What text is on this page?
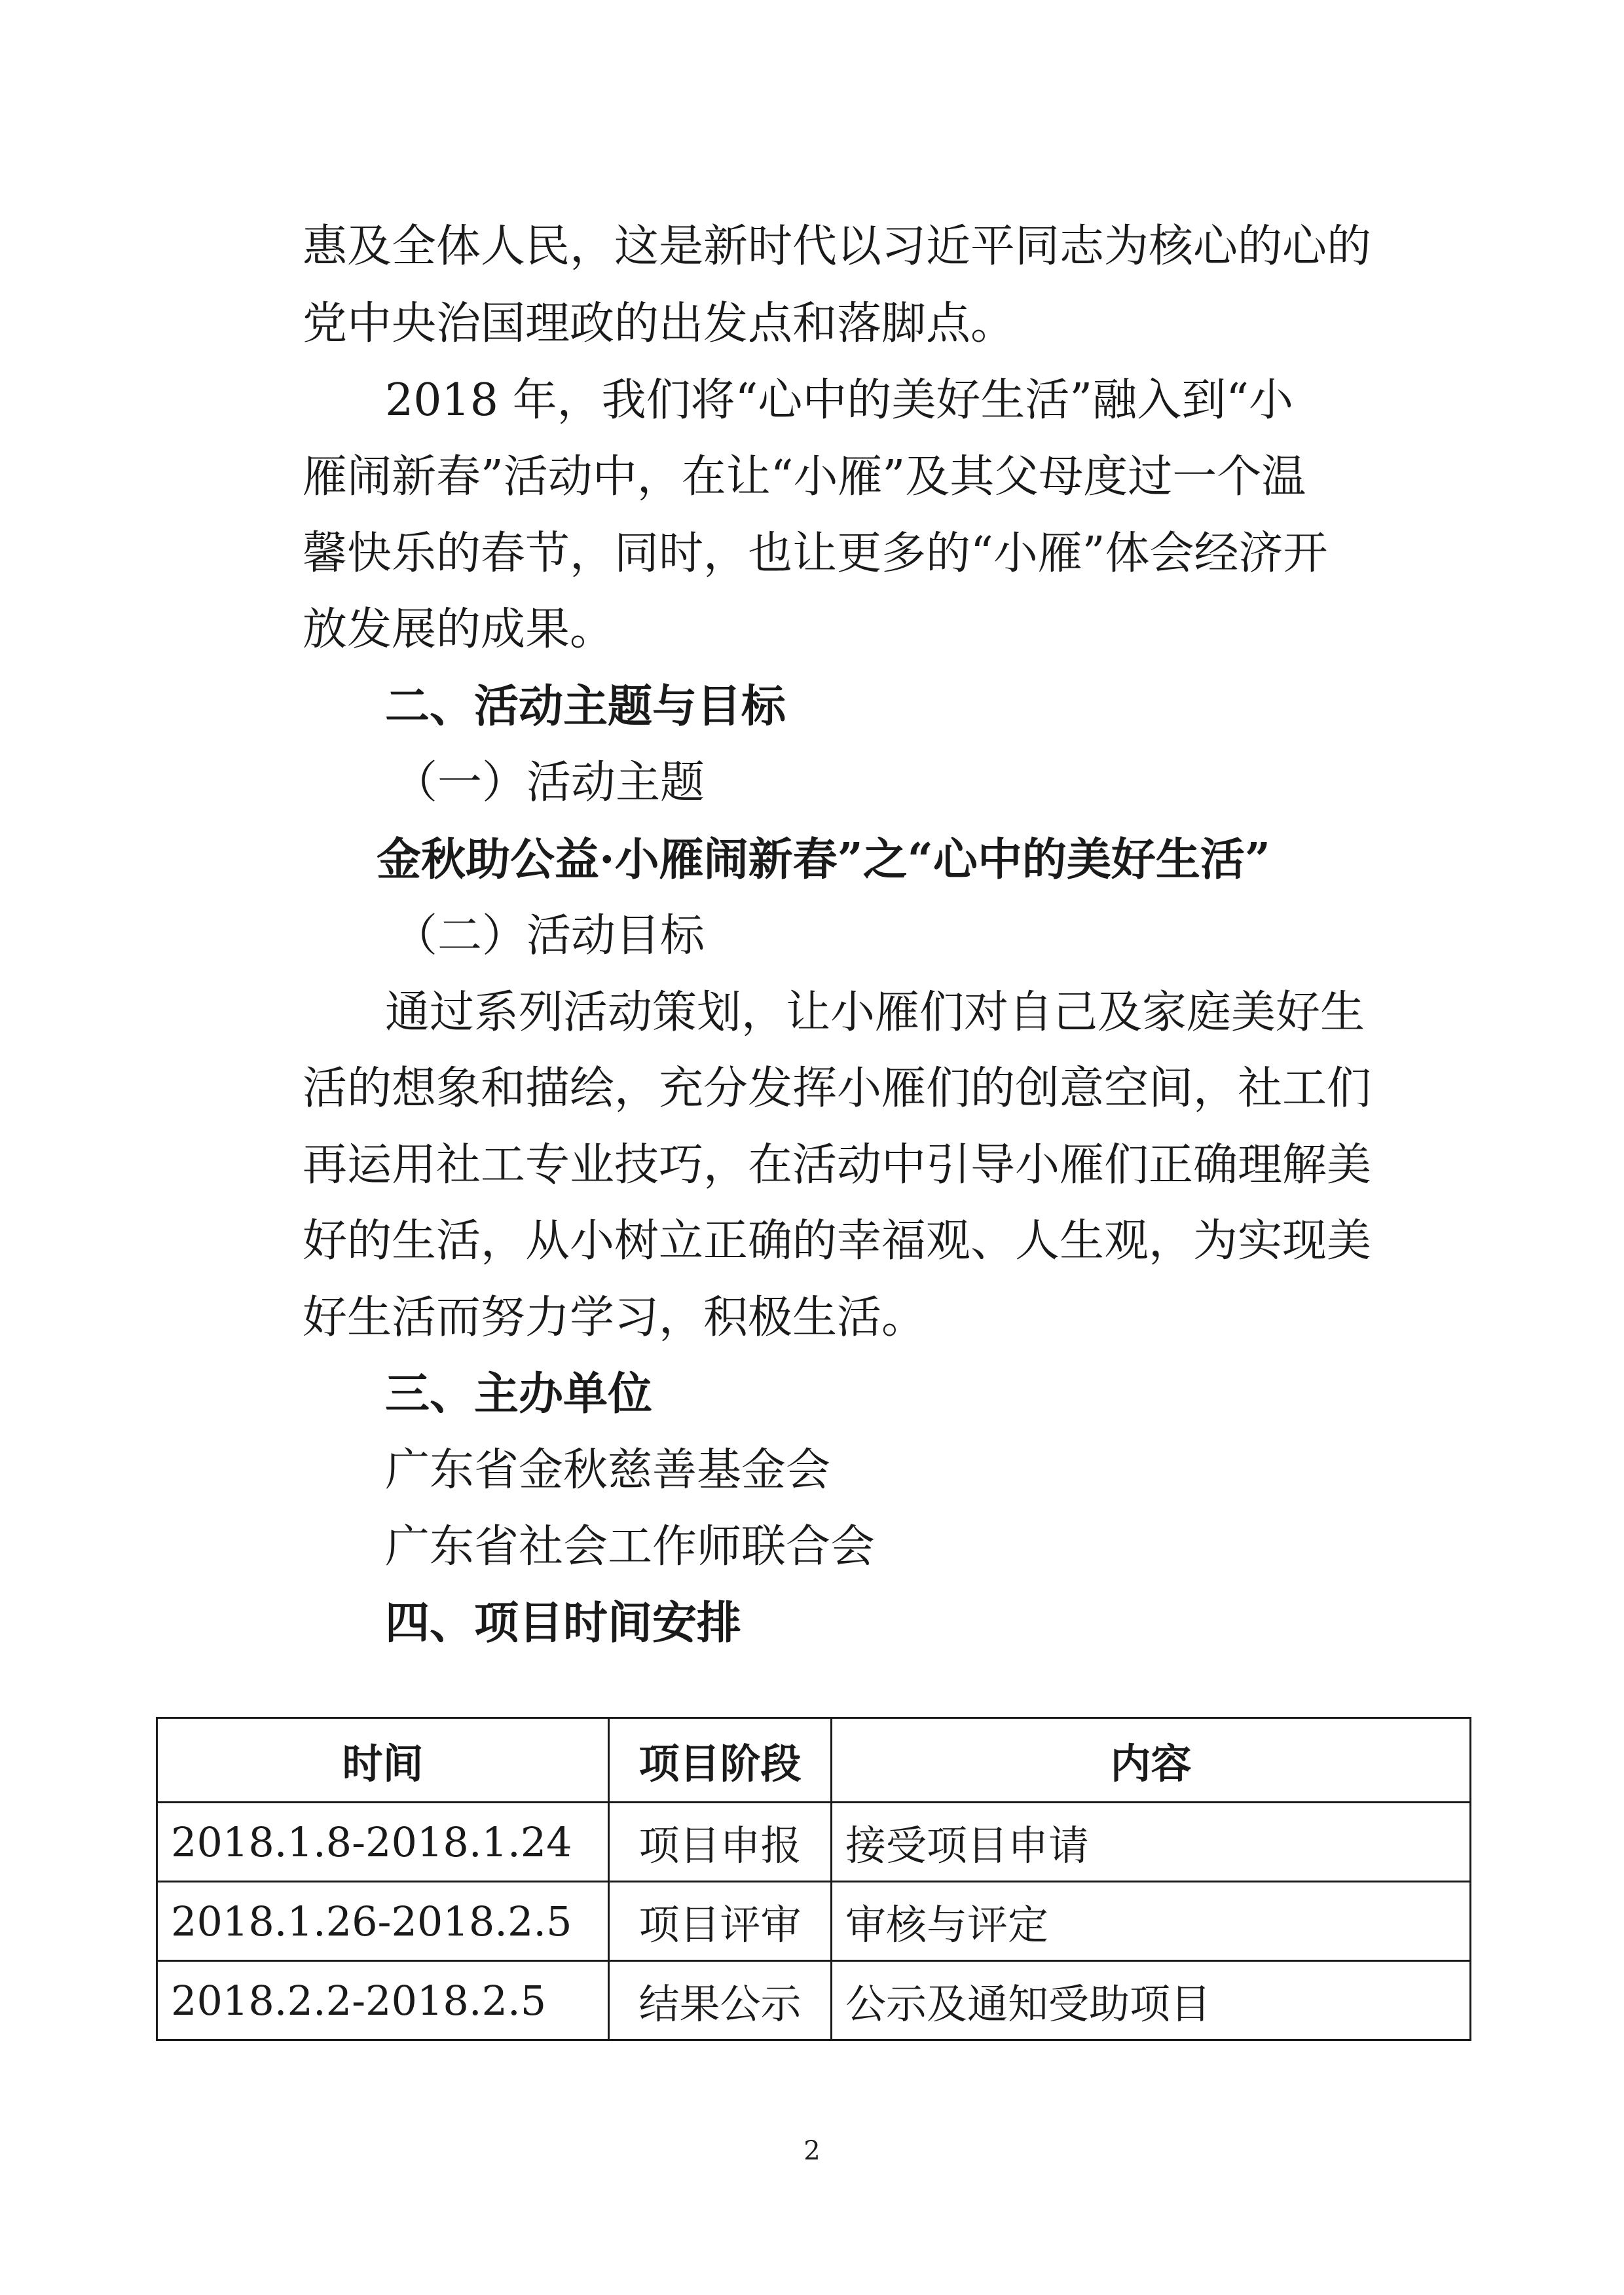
惠及全体人民，这是新时代以习近平同志为核心的心的
党中央治国理政的出发点和落脚点。
2018 年，我们将“心中的美好生活”融入到“小
雁闹新春”活动中，在让“小雁”及其父母度过一个温
馨快乐的春节，同时，也让更多的“小雁”体会经济开
放发展的成果。
二、活动主题与目标
（一）活动主题
金秋助公益·小雁闹新春”之“心中的美好生活”
（二）活动目标
通过系列活动策划，让小雁们对自己及家庭美好生
活的想象和描绘，充分发挥小雁们的创意空间，社工们
再运用社工专业技巧，在活动中引导小雁们正确理解美
好的生活，从小树立正确的幸福观、人生观，为实现美
好生活而努力学习，积极生活。
三、主办单位
广东省金秋慈善基金会
广东省社会工作师联合会
四、项目时间安排
时间	项目阶段	内容
2018.1.8-2018.1.24	项目申报	接受项目申请
2018.1.26-2018.2.5	项目评审	审核与评定
2018.2.2-2018.2.5	结果公示	公示及通知受助项目
2
